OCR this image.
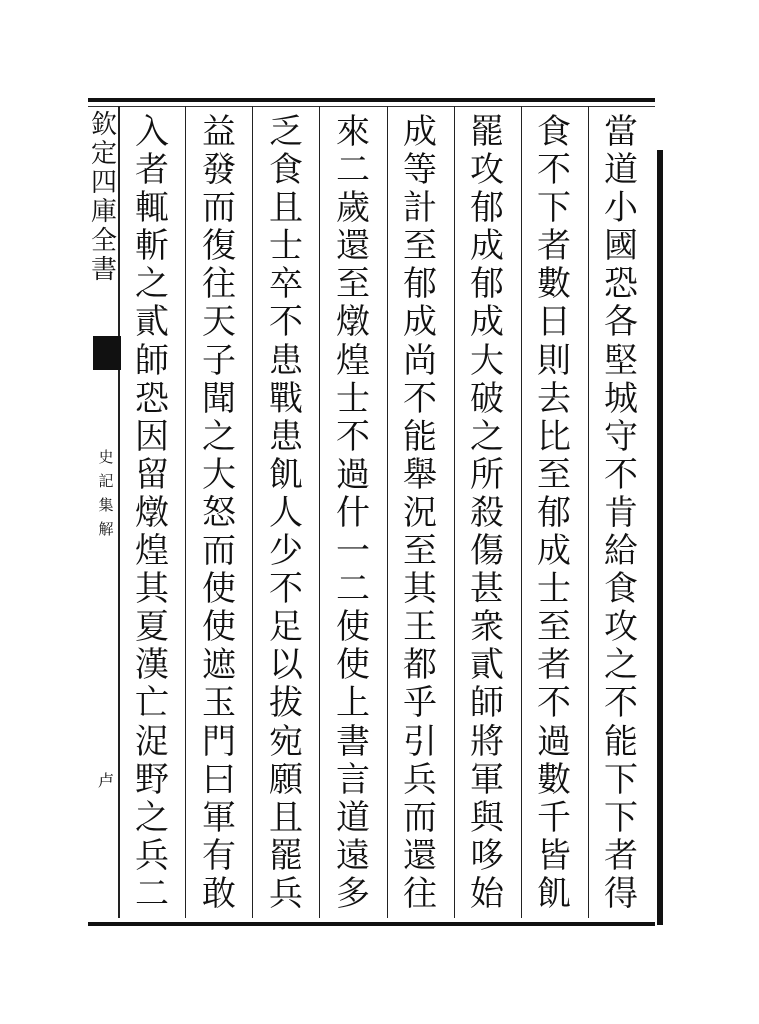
欽
定
四
庫
全
書
史
記
集
解
卢
當
道
小
國
恐
各
堅
城
守
不
肯
給
食
攻
之
不
能
下
下
者
得
食
不
下
者
數
日
則
去
比
至
郁
成
士
至
者
不
過
數
千
皆
飢
罷
攻
郁
成
郁
成
大
破
之
所
殺
傷
甚
衆
貳
師
將
軍
與
哆
始
成
等
計
至
郁
成
尚
不
能
舉
況
至
其
王
都
乎
引
兵
而
還
往
來
二
歲
還
至
燉
煌
士
不
過
什
一
二
使
使
上
書
言
道
遠
多
乏
食
且
士
卒
不
患
戰
患
飢
人
少
不
足
以
拔
宛
願
且
罷
兵
益
發
而
復
往
天
子
聞
之
大
怒
而
使
使
遮
玉
門
曰
軍
有
敢
入
者
輒
斬
之
貳
師
恐
因
留
燉
煌
其
夏
漢
亡
浞
野
之
兵
二
